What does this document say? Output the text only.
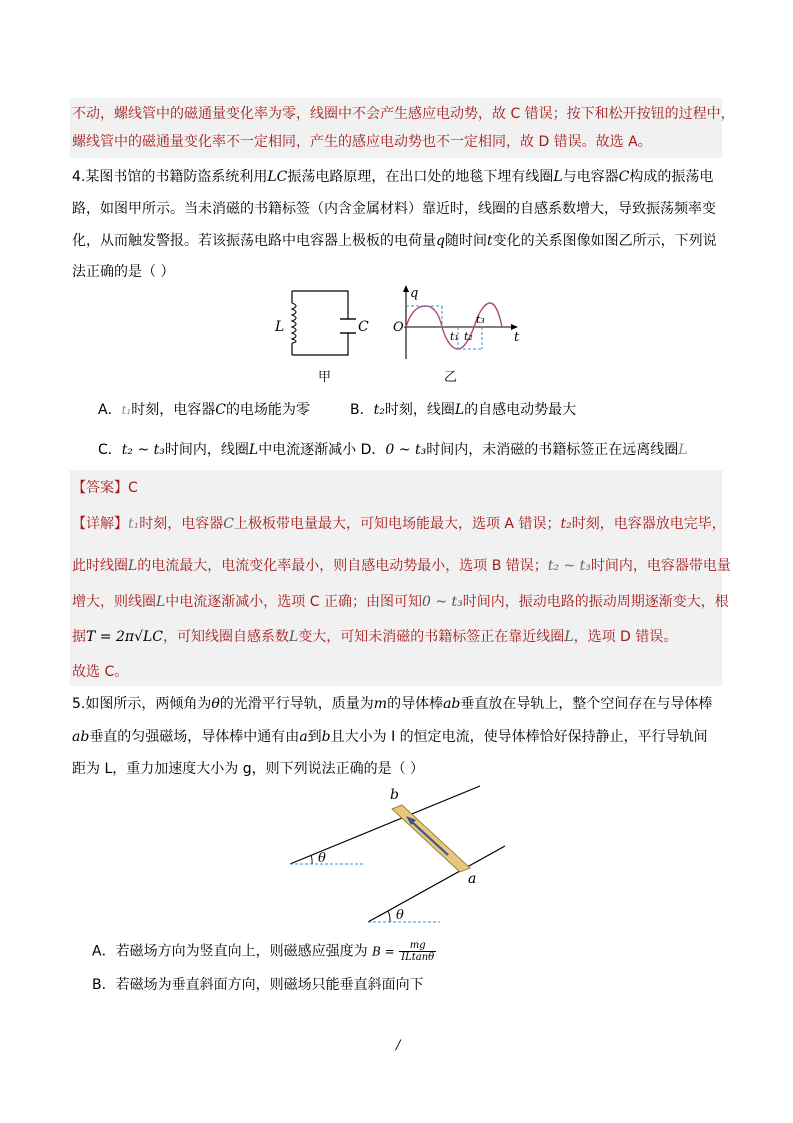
不动，螺线管中的磁通量变化率为零，线圈中不会产生感应电动势，故 C 错误；按下和松开按钮的过程中，
螺线管中的磁通量变化率不一定相同，产生的感应电动势也不一定相同，故 D 错误。故选 A。
4.某图书馆的书籍防盗系统利用LC振荡电路原理，在出口处的地毯下埋有线圈L与电容器C构成的振荡电
路，如图甲所示。当未消磁的书籍标签（内含金属材料）靠近时，线圈的自感系数增大，导致振荡频率变
化，从而触发警报。若该振荡电路中电容器上极板的电荷量q随时间t变化的关系图像如图乙所示，下列说
法正确的是（ ）
L	C
甲
q
O
t
t₁ t₂
t₃
乙
A．t₁时刻，电容器C的电场能为零	B．t₂时刻，线圈L的自感电动势最大
C．t₂ ~ t₃时间内，线圈L中电流逐渐减小 D．0 ~ t₃时间内，未消磁的书籍标签正在远离线圈L
【答案】C
【详解】t₁时刻，电容器C上极板带电量最大，可知电场能最大，选项 A 错误；t₂时刻，电容器放电完毕，
此时线圈L的电流最大，电流变化率最小，则自感电动势最小，选项 B 错误；t₂ ~ t₃时间内，电容器带电量
增大，则线圈L中电流逐渐减小，选项 C 正确；由图可知0 ~ t₃时间内，振动电路的振动周期逐渐变大，根
据T = 2π√LC，可知线圈自感系数L变大，可知未消磁的书籍标签正在靠近线圈L，选项 D 错误。
故选 C。
5.如图所示，两倾角为θ的光滑平行导轨，质量为m的导体棒ab垂直放在导轨上，整个空间存在与导体棒
ab垂直的匀强磁场，导体棒中通有由a到b且大小为 I 的恒定电流，使导体棒恰好保持静止，平行导轨间
距为 L，重力加速度大小为 g，则下列说法正确的是（ ）
b
a
θ
θ
A．若磁场方向为竖直向上，则磁感应强度为 $B = \frac{mg}{ILtan\theta}$
B．若磁场为垂直斜面方向，则磁场只能垂直斜面向下
/
